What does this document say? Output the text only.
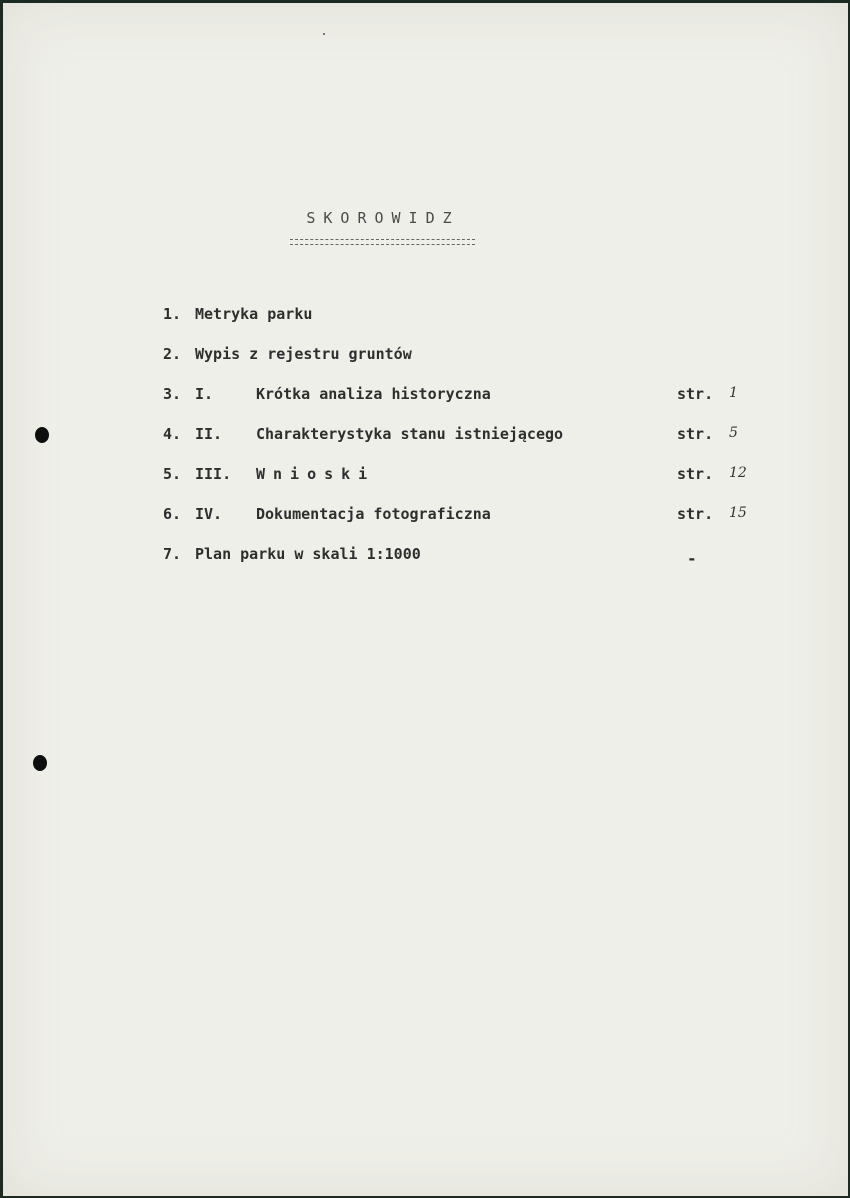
SKOROWIDZ
1. Metryka parku
2. Wypis z rejestru gruntów
3. I.	Krótka analiza historyczna	str. 1
4. II. Charakterystyka stanu istniejącego	str. 5
5. III. Wnioski	str. 12
6. IV. Dokumentacja fotograficzna	str. 15
7. Plan parku w skali 1:1000	-
